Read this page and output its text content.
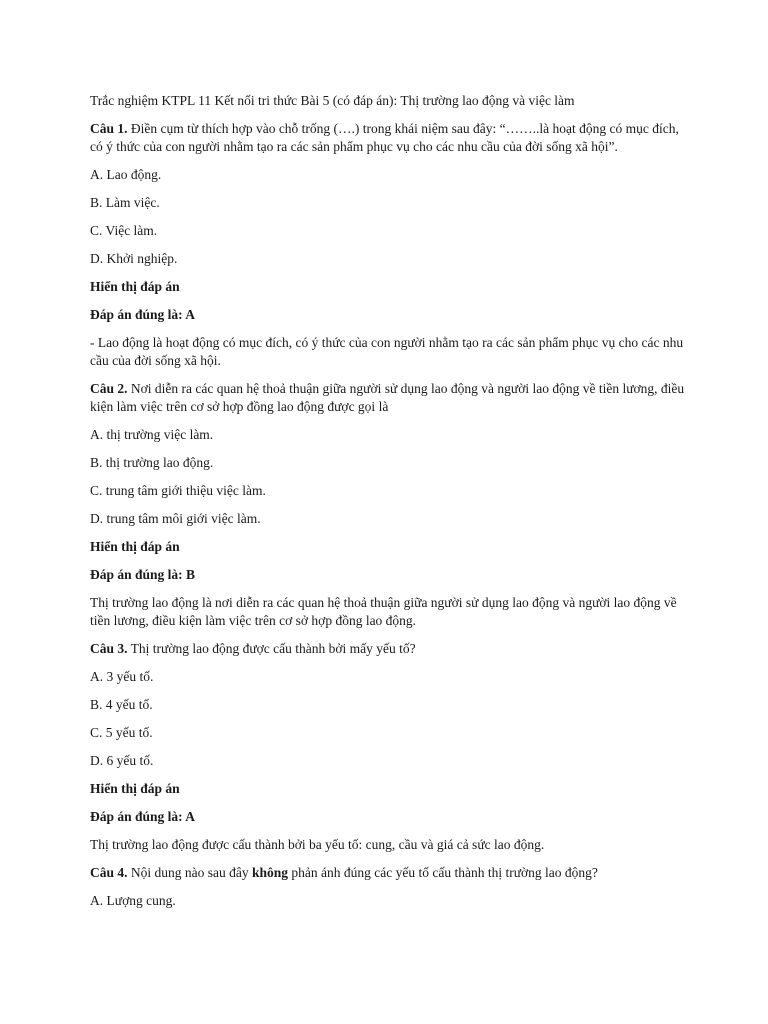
Trắc nghiệm KTPL 11 Kết nối tri thức Bài 5 (có đáp án): Thị trường lao động và việc làm

Câu 1. Điền cụm từ thích hợp vào chỗ trống (….) trong khái niệm sau đây: “……..là hoạt động có mục đích, có ý thức của con người nhằm tạo ra các sản phẩm phục vụ cho các nhu cầu của đời sống xã hội”.

A. Lao động.

B. Làm việc.

C. Việc làm.

D. Khởi nghiệp.

Hiển thị đáp án

Đáp án đúng là: A

- Lao động là hoạt động có mục đích, có ý thức của con người nhằm tạo ra các sản phẩm phục vụ cho các nhu cầu của đời sống xã hội.

Câu 2. Nơi diễn ra các quan hệ thoả thuận giữa người sử dụng lao động và người lao động về tiền lương, điều kiện làm việc trên cơ sở hợp đồng lao động được gọi là

A. thị trường việc làm.

B. thị trường lao động.

C. trung tâm giới thiệu việc làm.

D. trung tâm môi giới việc làm.

Hiển thị đáp án

Đáp án đúng là: B

Thị trường lao động là nơi diễn ra các quan hệ thoả thuận giữa người sử dụng lao động và người lao động về tiền lương, điều kiện làm việc trên cơ sở hợp đồng lao động.

Câu 3. Thị trường lao động được cấu thành bởi mấy yếu tố?

A. 3 yếu tố.

B. 4 yếu tố.

C. 5 yếu tố.

D. 6 yếu tố.

Hiển thị đáp án

Đáp án đúng là: A

Thị trường lao động được cấu thành bởi ba yếu tố: cung, cầu và giá cả sức lao động.

Câu 4. Nội dung nào sau đây không phản ánh đúng các yếu tố cấu thành thị trường lao động?

A. Lượng cung.
